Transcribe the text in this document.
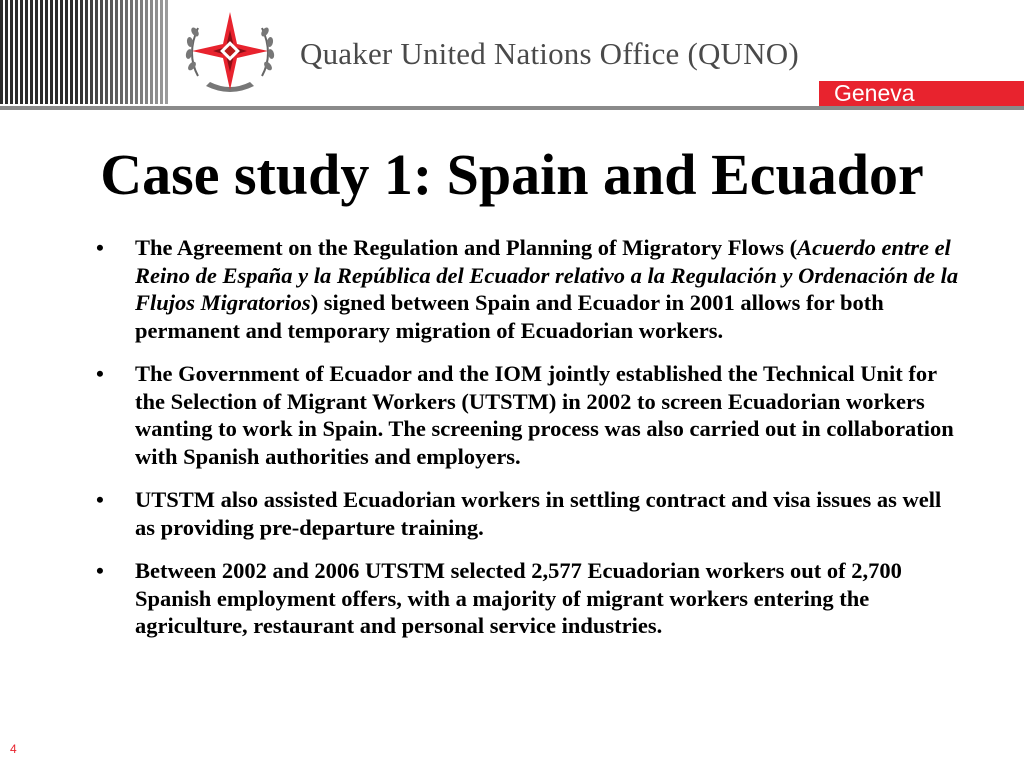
Quaker United Nations Office (QUNO)
Geneva
Case study 1: Spain and Ecuador
• The Agreement on the Regulation and Planning of Migratory Flows (Acuerdo entre el Reino de España y la República del Ecuador relativo a la Regulación y Ordenación de la Flujos Migratorios) signed between Spain and Ecuador in 2001 allows for both permanent and temporary migration of Ecuadorian workers.
• The Government of Ecuador and the IOM jointly established the Technical Unit for the Selection of Migrant Workers (UTSTM) in 2002 to screen Ecuadorian workers wanting to work in Spain. The screening process was also carried out in collaboration with Spanish authorities and employers.
• UTSTM also assisted Ecuadorian workers in settling contract and visa issues as well as providing pre-departure training.
• Between 2002 and 2006 UTSTM selected 2,577 Ecuadorian workers out of 2,700 Spanish employment offers, with a majority of migrant workers entering the agriculture, restaurant and personal service industries.
4
